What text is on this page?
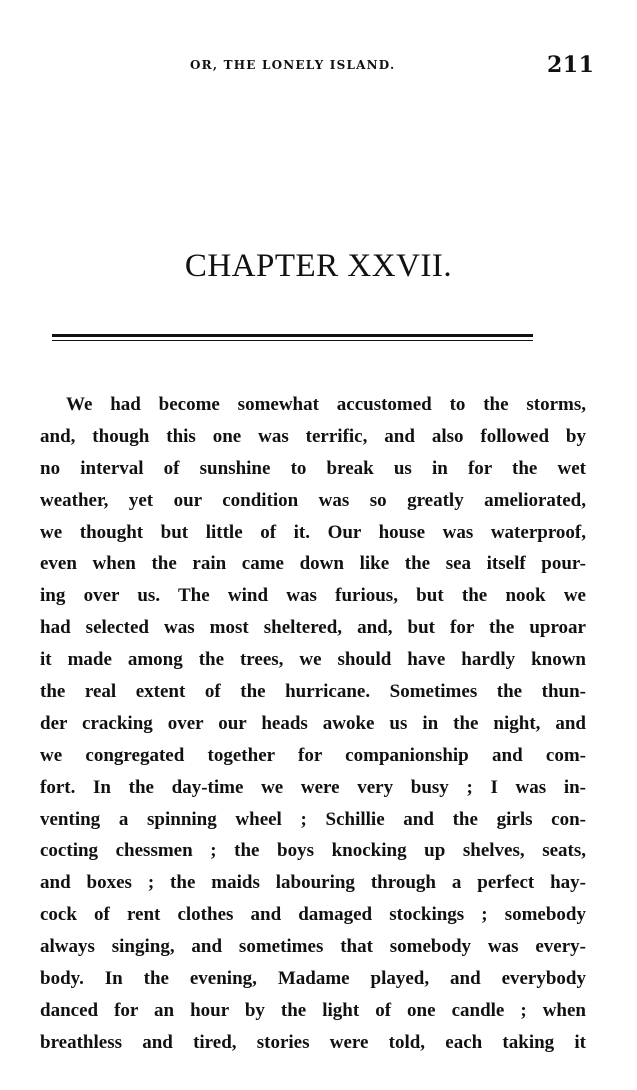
OR, THE LONELY ISLAND.	211
CHAPTER XXVII.
We had become somewhat accustomed to the storms,
and, though this one was terrific, and also followed by
no interval of sunshine to break us in for the wet
weather, yet our condition was so greatly ameliorated,
we thought but little of it. Our house was waterproof,
even when the rain came down like the sea itself pour-
ing over us. The wind was furious, but the nook we
had selected was most sheltered, and, but for the uproar
it made among the trees, we should have hardly known
the real extent of the hurricane. Sometimes the thun-
der cracking over our heads awoke us in the night, and
we congregated together for companionship and com-
fort. In the day-time we were very busy ; I was in-
venting a spinning wheel ; Schillie and the girls con-
cocting chessmen ; the boys knocking up shelves, seats,
and boxes ; the maids labouring through a perfect hay-
cock of rent clothes and damaged stockings ; somebody
always singing, and sometimes that somebody was every-
body. In the evening, Madame played, and everybody
danced for an hour by the light of one candle ; when
breathless and tired, stories were told, each taking it
